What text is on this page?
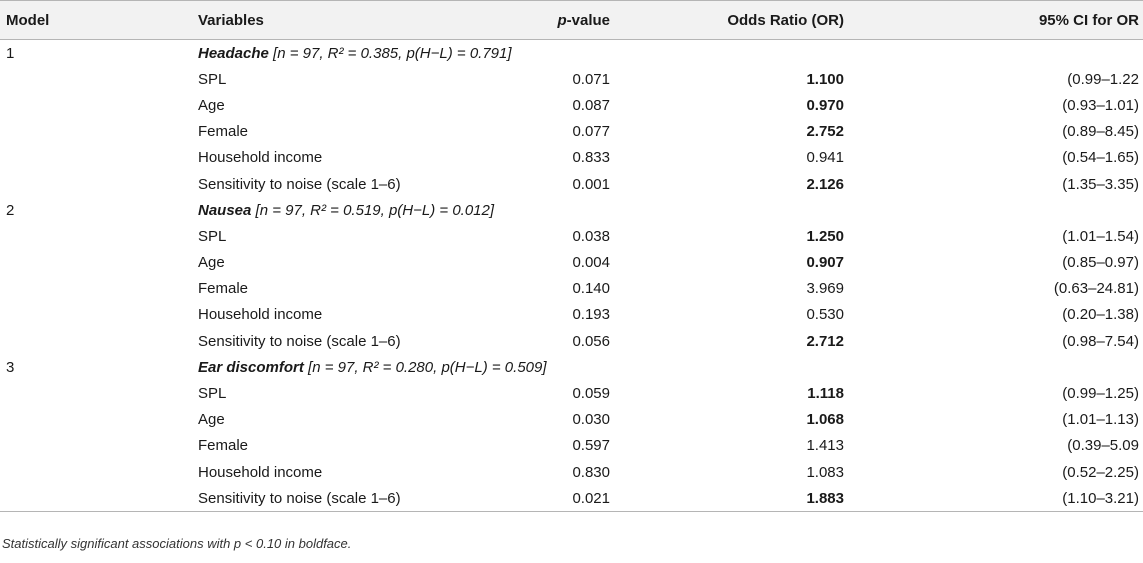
Model	Variables	p-value	Odds Ratio (OR)	95% CI for OR
1	Headache [n = 97, R² = 0.385, p(H−L) = 0.791]			
	SPL	0.071	1.100	(0.99–1.22
	Age	0.087	0.970	(0.93–1.01)
	Female	0.077	2.752	(0.89–8.45)
	Household income	0.833	0.941	(0.54–1.65)
	Sensitivity to noise (scale 1–6)	0.001	2.126	(1.35–3.35)
2	Nausea [n = 97, R² = 0.519, p(H−L) = 0.012]			
	SPL	0.038	1.250	(1.01–1.54)
	Age	0.004	0.907	(0.85–0.97)
	Female	0.140	3.969	(0.63–24.81)
	Household income	0.193	0.530	(0.20–1.38)
	Sensitivity to noise (scale 1–6)	0.056	2.712	(0.98–7.54)
3	Ear discomfort [n = 97, R² = 0.280, p(H−L) = 0.509]			
	SPL	0.059	1.118	(0.99–1.25)
	Age	0.030	1.068	(1.01–1.13)
	Female	0.597	1.413	(0.39–5.09
	Household income	0.830	1.083	(0.52–2.25)
	Sensitivity to noise (scale 1–6)	0.021	1.883	(1.10–3.21)
Statistically significant associations with p < 0.10 in boldface.
